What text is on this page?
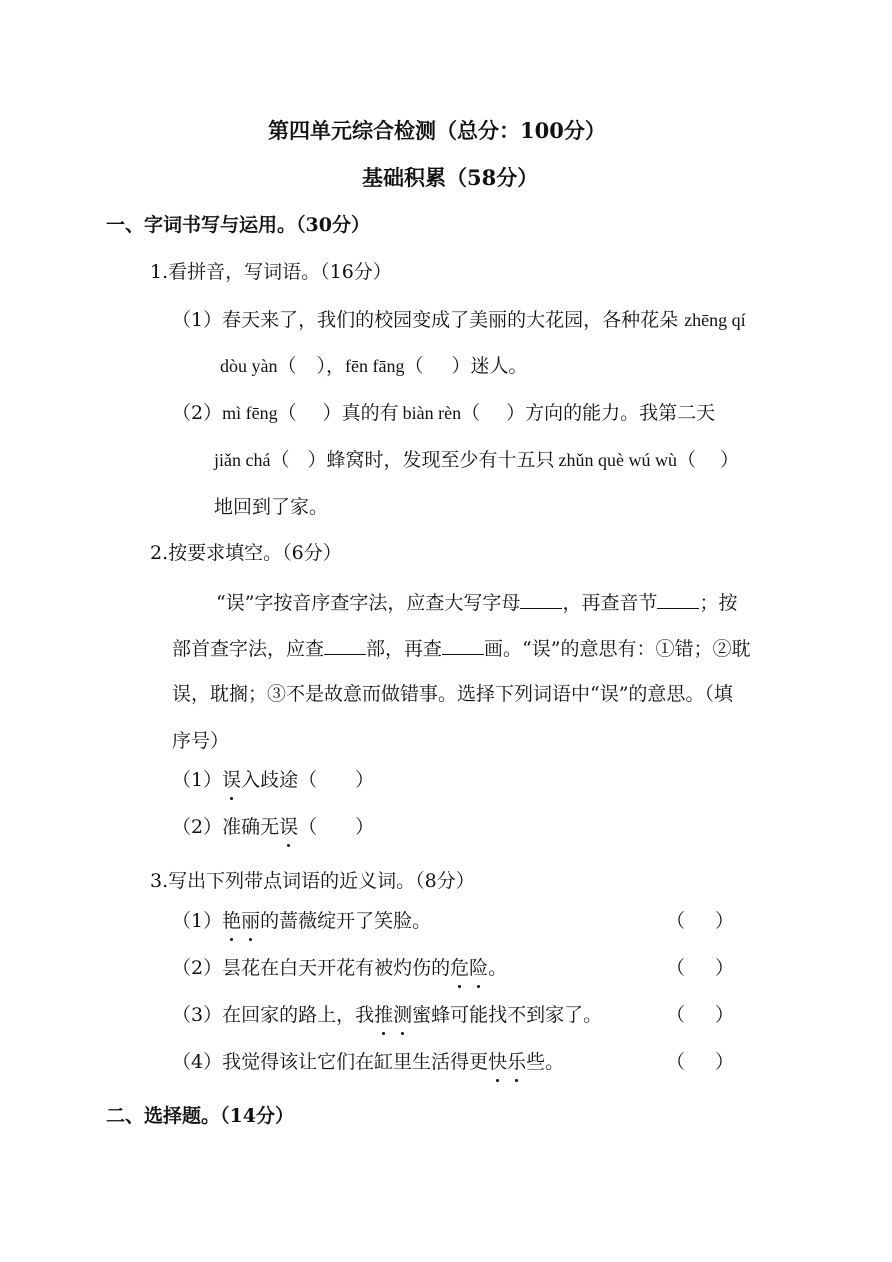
第四单元综合检测（总分：100分）
基础积累（58分）
一、字词书写与运用。（30分）
1.看拼音，写词语。（16分）
（1）春天来了，我们的校园变成了美丽的大花园，各种花朵 zhēng qí
dòu yàn（ ），fēn fāng（ ）迷人。
（2）mì fēng（ ）真的有 biàn rèn（ ）方向的能力。我第二天
jiǎn chá（ ）蜂窝时，发现至少有十五只 zhǔn què wú wù（ ）
地回到了家。
2.按要求填空。（6分）
“误”字按音序查字法，应查大写字母 ，再查音节 ；按
部首查字法，应查 部，再查 画。“误”的意思有：①错；②耽
误，耽搁；③不是故意而做错事。选择下列词语中“误”的意思。（填
序号）
（1）误入歧途（ ）
（2）准确无误（ ）
3.写出下列带点词语的近义词。（8分）
（1）艳丽的蔷薇绽开了笑脸。	（ ）
（2）昙花在白天开花有被灼伤的危险。	（ ）
（3）在回家的路上，我推测蜜蜂可能找不到家了。	（ ）
（4）我觉得该让它们在缸里生活得更快乐些。	（ ）
二、选择题。（14分）
